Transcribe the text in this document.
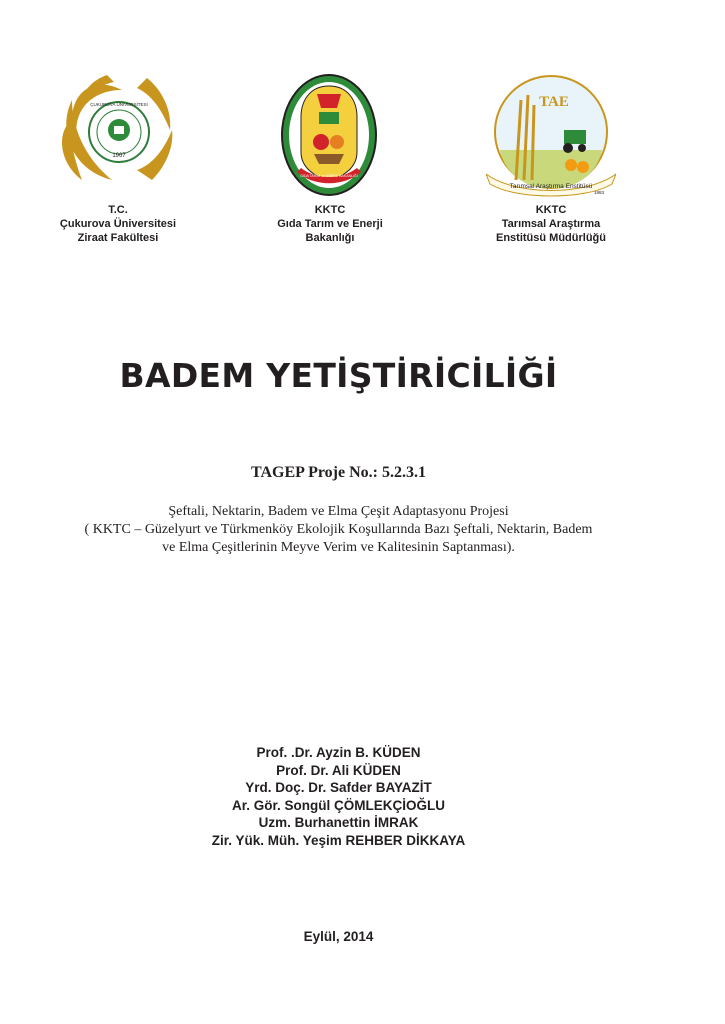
1967
ÇUKUROVA ÜNİVERSİTESİ
GIDA TARIM ve ENERJİ BAKANLIĞI
TAE
Tarımsal Araştırma Enstitüsü
1983
T.C.
Çukurova Üniversitesi
Ziraat Fakültesi
KKTC
Gıda Tarım ve Enerji
Bakanlığı
KKTC
Tarımsal Araştırma
Enstitüsü Müdürlüğü
BADEM YETİŞTİRİCİLİĞİ
TAGEP Proje No.: 5.2.3.1
Şeftali, Nektarin, Badem ve Elma Çeşit Adaptasyonu Projesi
( KKTC – Güzelyurt ve Türkmenköy Ekolojik Koşullarında Bazı Şeftali, Nektarin, Badem
ve Elma Çeşitlerinin Meyve Verim ve Kalitesinin Saptanması).
Prof. .Dr. Ayzin B. KÜDEN
Prof. Dr. Ali KÜDEN
Yrd. Doç. Dr. Safder BAYAZİT
Ar. Gör. Songül ÇÖMLEKÇİOĞLU
Uzm. Burhanettin İMRAK
Zir. Yük. Müh. Yeşim REHBER DİKKAYA
Eylül, 2014
